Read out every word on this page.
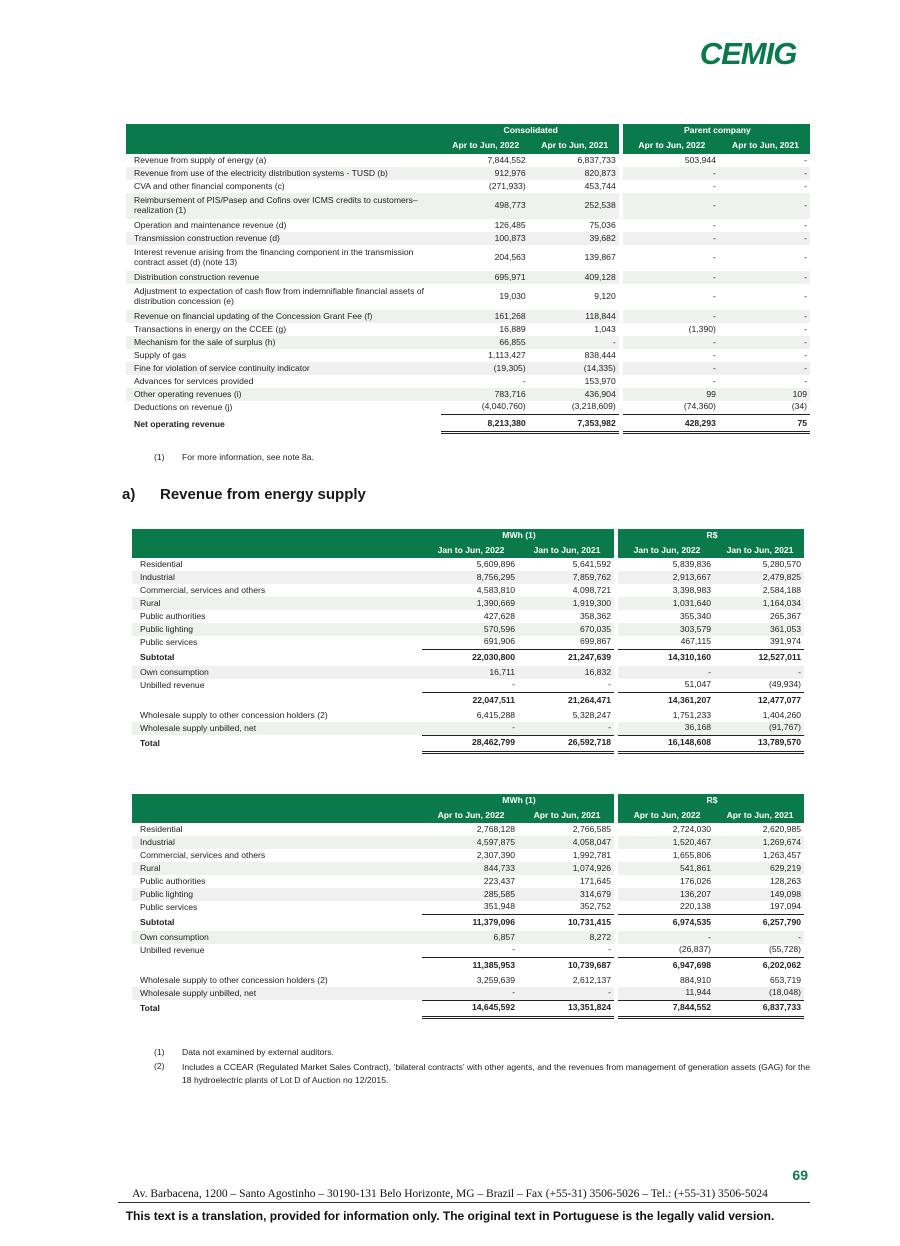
CEMIG
	Consolidated			Parent company	
	Apr to Jun, 2022	Apr to Jun, 2021		Apr to Jun, 2022	Apr to Jun, 2021
Revenue from supply of energy (a)	7,844,552	6,837,733		503,944	-
Revenue from use of the electricity distribution systems - TUSD (b)	912,976	820,873		-	-
CVA and other financial components (c)	(271,933)	453,744		-	-
Reimbursement of PIS/Pasep and Cofins over ICMS credits to customers– realization (1)	498,773	252,538		-	-
Operation and maintenance revenue (d)	126,485	75,036		-	-
Transmission construction revenue (d)	100,873	39,682		-	-
Interest revenue arising from the financing component in the transmission contract asset (d) (note 13)	204,563	139,867		-	-
Distribution construction revenue	695,971	409,128		-	-
Adjustment to expectation of cash flow from indemnifiable financial assets of distribution concession (e)	19,030	9,120		-	-
Revenue on financial updating of the Concession Grant Fee (f)	161,268	118,844		-	-
Transactions in energy on the CCEE (g)	16,889	1,043		(1,390)	-
Mechanism for the sale of surplus (h)	66,855	-		-	-
Supply of gas	1,113,427	838,444		-	-
Fine for violation of service continuity indicator	(19,305)	(14,335)		-	-
Advances for services provided	-	153,970		-	-
Other operating revenues (i)	783,716	436,904		99	109
Deductions on revenue (j)	(4,040,760)	(3,218,609)		(74,360)	(34)

Net operating revenue	8,213,380	7,353,982		428,293	75
(1) For more information, see note 8a.
a) Revenue from energy supply
	MWh (1)			R$	
	Jan to Jun, 2022	Jan to Jun, 2021		Jan to Jun, 2022	Jan to Jun, 2021
Residential	5,609,896	5,641,592		5,839,836	5,280,570
Industrial	8,756,295	7,859,762		2,913,667	2,479,825
Commercial, services and others	4,583,810	4,098,721		3,398,983	2,584,188
Rural	1,390,669	1,919,300		1,031,640	1,164,034
Public authorities	427,628	358,362		355,340	265,367
Public lighting	570,596	670,035		303,579	361,053
Public services	691,906	699,867		467,115	391,974
Subtotal	22,030,800	21,247,639		14,310,160	12,527,011
Own consumption	16,711	16,832		-	-
Unbilled revenue	-	-		51,047	(49,934)
	22,047,511	21,264,471		14,361,207	12,477,077
Wholesale supply to other concession holders (2)	6,415,288	5,328,247		1,751,233	1,404,260
Wholesale supply unbilled, net	-	-		36,168	(91,767)
Total	28,462,799	26,592,718		16,148,608	13,789,570
	MWh (1)			R$	
	Apr to Jun, 2022	Apr to Jun, 2021		Apr to Jun, 2022	Apr to Jun, 2021
Residential	2,768,128	2,766,585		2,724,030	2,620,985
Industrial	4,597,875	4,058,047		1,520,467	1,269,674
Commercial, services and others	2,307,390	1,992,781		1,655,806	1,263,457
Rural	844,733	1,074,926		541,861	629,219
Public authorities	223,437	171,645		176,026	128,263
Public lighting	285,585	314,679		136,207	149,098
Public services	351,948	352,752		220,138	197,094
Subtotal	11,379,096	10,731,415		6,974,535	6,257,790
Own consumption	6,857	8,272		-	-
Unbilled revenue	-	-		(26,837)	(55,728)
	11,385,953	10,739,687		6,947,698	6,202,062
Wholesale supply to other concession holders (2)	3,259,639	2,612,137		884,910	653,719
Wholesale supply unbilled, net	-	-		11,944	(18,048)
Total	14,645,592	13,351,824		7,844,552	6,837,733
(1) Data not examined by external auditors.
(2) Includes a CCEAR (Regulated Market Sales Contract), ‘bilateral contracts’ with other agents, and the revenues from management of generation assets (GAG) for the 18 hydroelectric plants of Lot D of Auction no 12/2015.
69
Av. Barbacena, 1200 – Santo Agostinho – 30190-131 Belo Horizonte, MG – Brazil – Fax (+55-31) 3506-5026 – Tel.: (+55-31) 3506-5024
This text is a translation, provided for information only. The original text in Portuguese is the legally valid version.
